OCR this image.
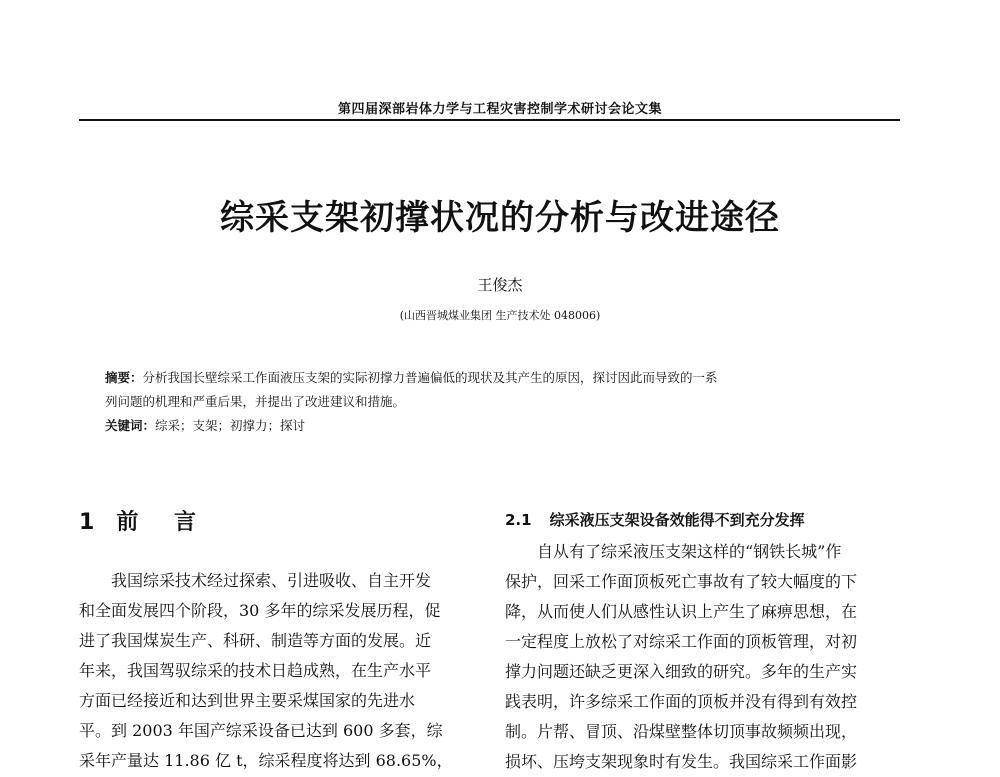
第四届深部岩体力学与工程灾害控制学术研讨会论文集
综采支架初撑状况的分析与改进途径
王俊杰
(山西晋城煤业集团 生产技术处 048006)
摘要：分析我国长壁综采工作面液压支架的实际初撑力普遍偏低的现状及其产生的原因，探讨因此而导致的一系
列问题的机理和严重后果，并提出了改进建议和措施。
关键词：综采；支架；初撑力；探讨
1 前 言
我国综采技术经过探索、引进吸收、自主开发
和全面发展四个阶段，30 多年的综采发展历程，促
进了我国煤炭生产、科研、制造等方面的发展。近
年来，我国驾驭综采的技术日趋成熟，在生产水平
方面已经接近和达到世界主要采煤国家的先进水
平。到 2003 年国产综采设备已达到 600 多套，综
采年产量达 11.86 亿 t，综采程度将达到 68.65%，
2.1 综采液压支架设备效能得不到充分发挥
自从有了综采液压支架这样的“钢铁长城”作
保护，回采工作面顶板死亡事故有了较大幅度的下
降，从而使人们从感性认识上产生了麻痹思想，在
一定程度上放松了对综采工作面的顶板管理，对初
撑力问题还缺乏更深入细致的研究。多年的生产实
践表明，许多综采工作面的顶板并没有得到有效控
制。片帮、冒顶、沿煤壁整体切顶事故频频出现，
损坏、压垮支架现象时有发生。我国综采工作面影
